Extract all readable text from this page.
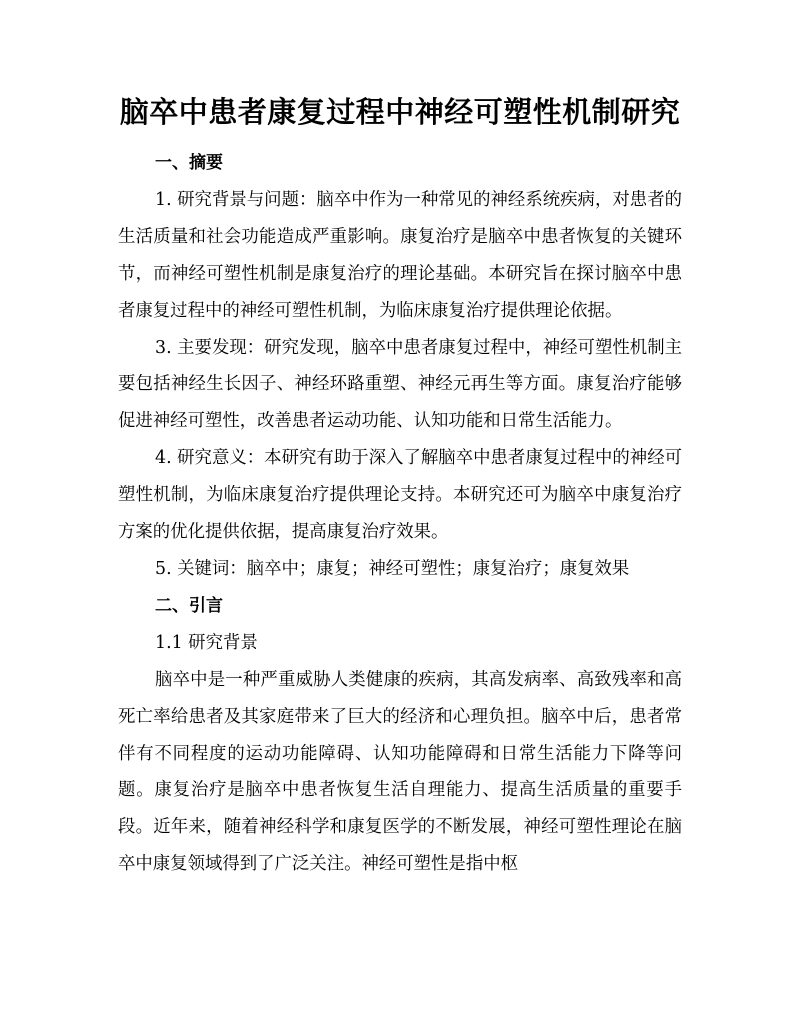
脑卒中患者康复过程中神经可塑性机制研究

一、摘要

1. 研究背景与问题：脑卒中作为一种常见的神经系统疾病，对患者的生活质量和社会功能造成严重影响。康复治疗是脑卒中患者恢复的关键环节，而神经可塑性机制是康复治疗的理论基础。本研究旨在探讨脑卒中患者康复过程中的神经可塑性机制，为临床康复治疗提供理论依据。

3. 主要发现：研究发现，脑卒中患者康复过程中，神经可塑性机制主要包括神经生长因子、神经环路重塑、神经元再生等方面。康复治疗能够促进神经可塑性，改善患者运动功能、认知功能和日常生活能力。

4. 研究意义：本研究有助于深入了解脑卒中患者康复过程中的神经可塑性机制，为临床康复治疗提供理论支持。本研究还可为脑卒中康复治疗方案的优化提供依据，提高康复治疗效果。

5. 关键词：脑卒中；康复；神经可塑性；康复治疗；康复效果

二、引言

1.1 研究背景

脑卒中是一种严重威胁人类健康的疾病，其高发病率、高致残率和高死亡率给患者及其家庭带来了巨大的经济和心理负担。脑卒中后，患者常伴有不同程度的运动功能障碍、认知功能障碍和日常生活能力下降等问题。康复治疗是脑卒中患者恢复生活自理能力、提高生活质量的重要手段。近年来，随着神经科学和康复医学的不断发展，神经可塑性理论在脑卒中康复领域得到了广泛关注。神经可塑性是指中枢
